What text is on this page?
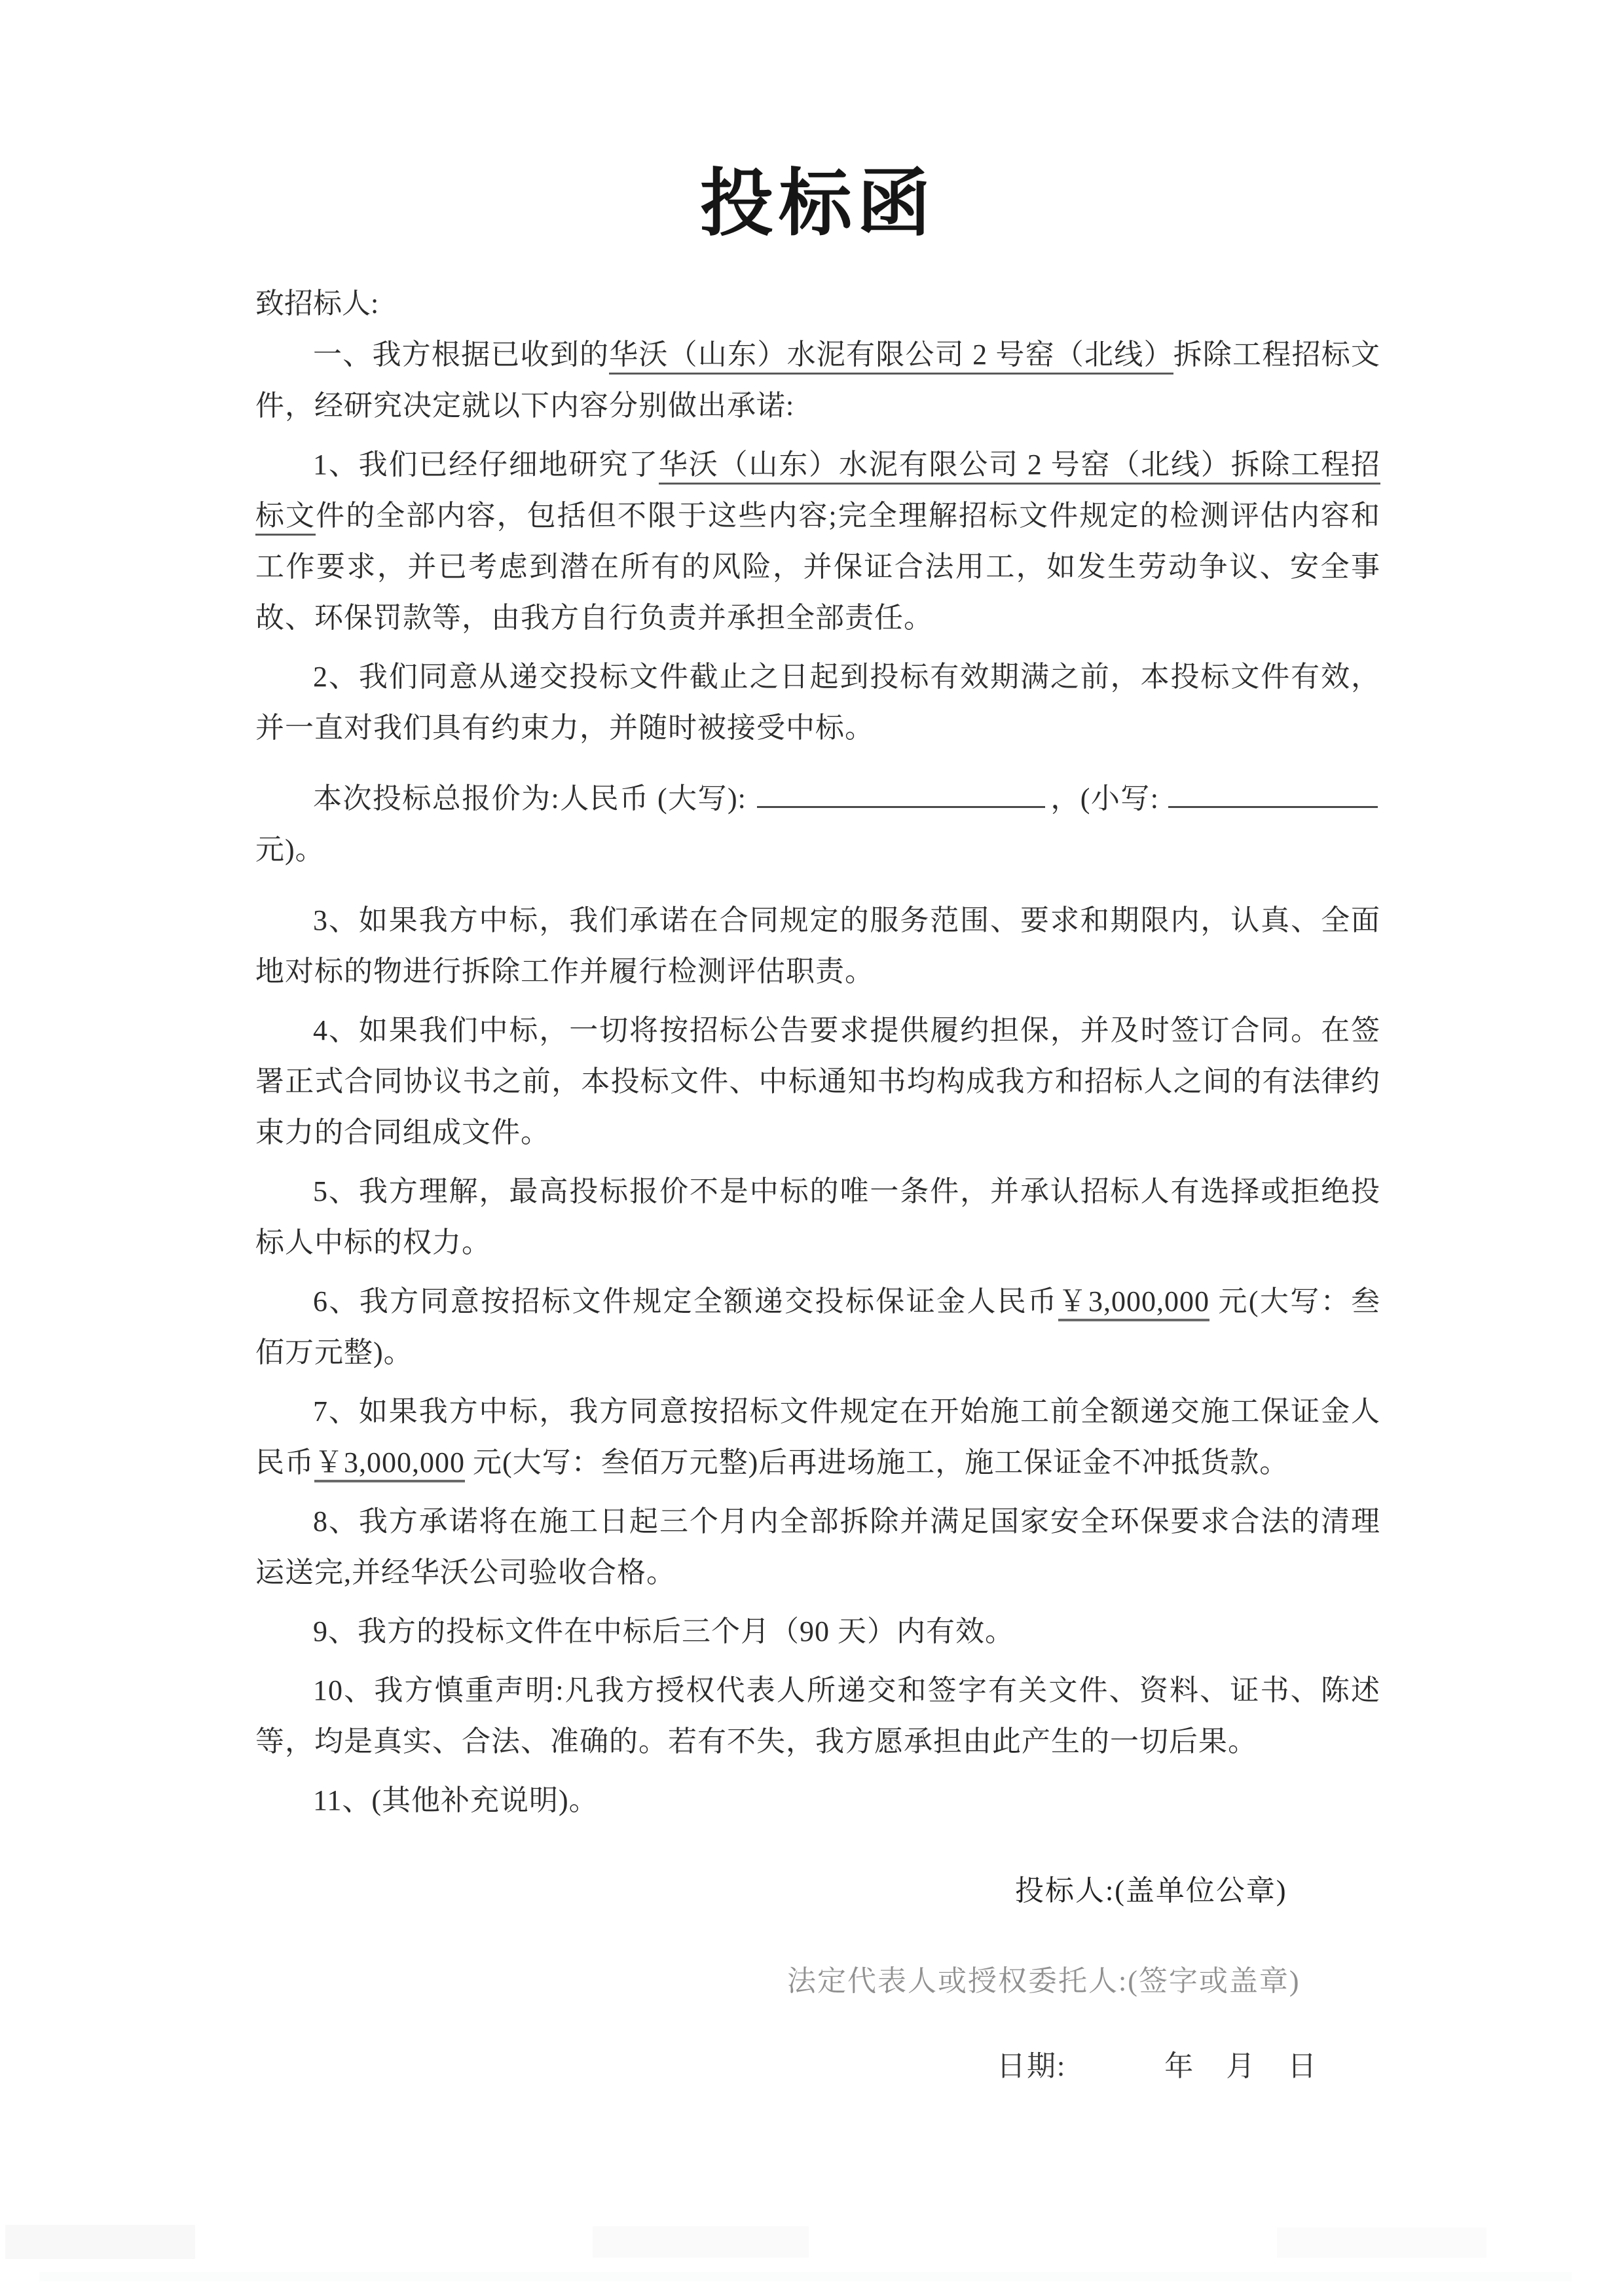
投标函

致招标人:

一、我方根据已收到的华沃（山东）水泥有限公司 2 号窑（北线）拆除工程招标文件，经研究决定就以下内容分别做出承诺:

1、我们已经仔细地研究了华沃（山东）水泥有限公司 2 号窑（北线）拆除工程招标文件的全部内容，包括但不限于这些内容;完全理解招标文件规定的检测评估内容和工作要求，并已考虑到潜在所有的风险，并保证合法用工，如发生劳动争议、安全事故、环保罚款等，由我方自行负责并承担全部责任。

2、我们同意从递交投标文件截止之日起到投标有效期满之前，本投标文件有效，并一直对我们具有约束力，并随时被接受中标。

本次投标总报价为:人民币 (大写):	，(小写:元)。

3、如果我方中标，我们承诺在合同规定的服务范围、要求和期限内，认真、全面地对标的物进行拆除工作并履行检测评估职责。

4、如果我们中标，一切将按招标公告要求提供履约担保，并及时签订合同。在签署正式合同协议书之前，本投标文件、中标通知书均构成我方和招标人之间的有法律约束力的合同组成文件。

5、我方理解，最高投标报价不是中标的唯一条件，并承认招标人有选择或拒绝投标人中标的权力。

6、我方同意按招标文件规定全额递交投标保证金人民币￥3,000,000 元(大写：叁佰万元整)。

7、如果我方中标，我方同意按招标文件规定在开始施工前全额递交施工保证金人民币￥3,000,000 元(大写：叁佰万元整)后再进场施工，施工保证金不冲抵货款。

8、我方承诺将在施工日起三个月内全部拆除并满足国家安全环保要求合法的清理运送完,并经华沃公司验收合格。

9、我方的投标文件在中标后三个月（90 天）内有效。

10、我方慎重声明:凡我方授权代表人所递交和签字有关文件、资料、证书、陈述等，均是真实、合法、准确的。若有不失，我方愿承担由此产生的一切后果。

11、(其他补充说明)。

投标人:(盖单位公章)

法定代表人或授权委托人:(签字或盖章)

日期:	年 月 日
